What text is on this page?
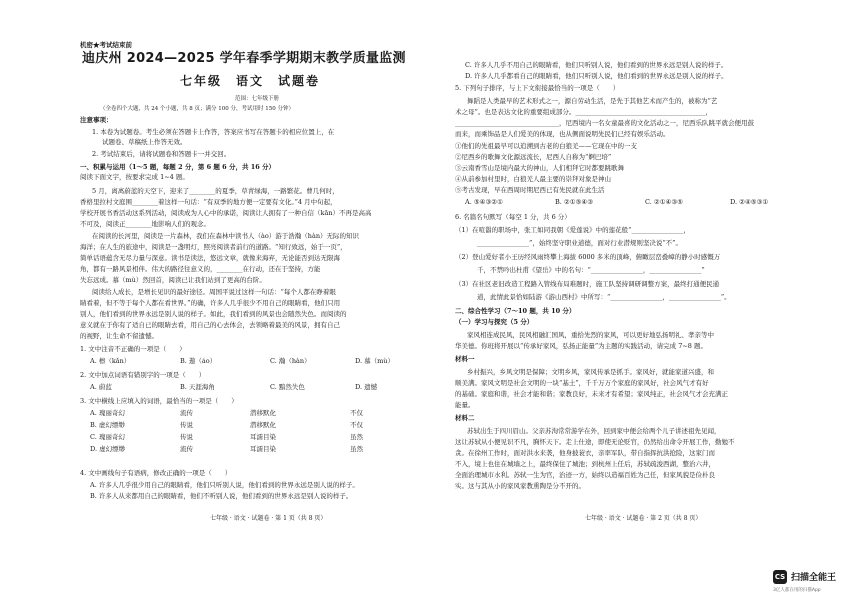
机密★考试结束前
迪庆州 2024—2025 学年春季学期期末教学质量监测
七年级　语文　试题卷
范围：七年级下册
（全卷四个大题，共 24 个小题，共 8 页；满分 100 分，考试用时 150 分钟）
注意事项：
1. 本卷为试题卷。考生必须在答题卡上作答，答案应书写在答题卡的相应位置上，在
试题卷、草稿纸上作答无效。
2. 考试结束后，请将试题卷和答题卡一并交回。
一、积累与运用（1～5 题，每题 2 分，第 6 题 6 分，共 16 分）
阅读下面文字，按要求完成 1~4 题。
5 月，离离蔚蓝的天空下，迎来了________的夏季，草青绿海，一路繁花。曹几何时，
香格里拉村文庭围________着这样一句话：“有双季的地方便一定要有文化。”4 月中旬起，
学校开展书香活动这系列活动，阅读成为人心中的承诺，阅读让人拥有了一种自信（kān）不再是高高
不可及，阅读正________地影响人们的观念。
在阅读的长河里，阅读是一片森林，我们在森林中读书人（ào）游于浩瀚（hàn）无际的知识
海洋；在人生的旅途中，阅读是一盏明灯，照亮阅读者前行的道路。“知行致远，始于一页”，
简单话语蕴含无尽力量与深意。读书是读法，悠远文章，就像来海弃，无论能否到达无限海
角，都有一路风景相伴。伟大的路径往意义的，________在行动，还在于坚持，方能
失忘远成。慕（mù）然回首，阅读已让我们站到了更高的台阶。
阅读给人成长，是增长见识的最好途径。周国平说过这样一句话：“每个人都在睁着眼
睛看着，但不等于每个人都在看世界。”的确，许多人几乎很少不用自己的眼睛看，他们只用
别人，他们看到的世界永远是别人说的样子。如此，我们看到的风景也会随然失色。而阅读的
意义就在于你有了适自已的眼睛去看，用自己的心去体会，去领略着最美的风景，拥有自己
的视野，让生命不留遗憾。
1. 文中注音不正确的一项是（　　）
A. 檫（kǎn）	B. 遨（áo）	C. 瀚（hàn）	D. 慕（mù）
2. 文中加点词语有错别字的一项是（　　）
A. 蔚蓝	B. 天涯海角	C. 黯然失色	D. 遗憾
3. 文中横线上应填入的词语，最恰当的一项是（　　）
A. 瑰丽奇幻	流传	潜移默化	不仅
B. 虚幻缥缈	传说	潜移默化	不仅
C. 瑰丽奇幻	传说	耳濡目染	虽然
D. 虚幻缥缈	流传	耳濡目染	虽然
4. 文中画线句子有语病，修改正确的一项是（　　）
A. 许多人几乎很少用自己的眼睛看，他们只听别人说，他们看到的世界永远是别人说的样子。
B. 许多人从来都用自己的眼睛看，他们不听别人说，他们看到的世界永远是别人说的样子。
七年级 · 语文 · 试题卷 · 第 1 页（共 8 页）
C. 许多人几乎不用自己的眼睛看，他们只听别人说，他们看到的世界永远是别人说的样子。
D. 许多人几乎都看自己的眼睛看，他们只听别人说，他们看到的世界永远是别人说的样子。
5. 下列句子排序，与上下文衔接最恰当的一项是（　　）
舞蹈是人类最早的艺术形式之一，源自劳动生活，是先于其他艺术而产生的，被称为“艺
术之母”。也是表达文化的重要组成部分。________________________________________，
________________________________，尼西境内一名女童最喜的文化活动之一，尼西乐队跳平就会便用鼓
而来，而乘饰品是人们爱美的体现，也从侧面说明先民们已经有娱乐活动。
①他们的先祖最早可以追溯到古老的白狼羌——它现在中的一支
②尼西乡的歌舞文化源远流长，尼西人自称为“婀巴培”
③云南香雪山是境内最大的神山，人们相拜它时都要跳歌舞
④从前参加村里时，白狼羌人最主要的崇拜对象是神山
⑤考古发现，早在西周时期尼西已有先民就在此生活
A. ⑤④③②①	B. ②①⑤④③	C. ②①④③⑤	D. ②④⑤③①
6. 名篇名句默写（每空 1 分，共 6 分）
（1）在喧嚣的职场中，张工如同我朝《爱莲说》中的莲花般“________________，
________________”，始终坚守职业道德，面对行业潜规则坚决说“不”。
（2）登山爱好者小王历经风雨终攀上海拔 6000 多米的顶峰，俯瞰层峦叠嶂的静小时感慨万
千，不禁吟出杜甫《望岳》中的名句：“________________，________________”
（3）在社区老旧改造工程路入管线布局难题时，施工队坚持调研调整方案，最终打通便民通
道，此情此景恰如陆游《游山西村》中所写：“________________，________________”。
二、综合性学习（7～10 题，共 10 分）
（一）学习与探究（5 分）
家风相连成民风，民风相融汇国风，重拾先烈的家风，可以更好地弘扬明礼、孝亲等中
华美德。你班将开展以“传承好家风，弘扬正能量”为主题的实践活动，请完成 7~8 题。
材料一
乡村振兴，乡风文明是保障；文明乡风，家风传承是抓手。家风好，就能家道兴盛，和
顺美满。家风文明是社会文明的一块“基土”，千千万万个家庭的家风好，社会风气才有好
的基础。家庭和谐，社会才能和谐；家教良好，未来才有希望；家风纯正，社会风气才会充满正
能量。
材料二
苏轼出生于四川眉山。父亲苏洵常常游学在外，回到家中便会给两个儿子讲述祖先见闻，
这让苏轼从小便见识不凡，胸怀天下。走上仕途，即使无论贬官，仍然给出命令开展工作，勤勉不
贪。在徐州工作时，面对洪水来袭，他身披蓑衣，亲率军队，带自指挥抗洪抢险，这家门而
不入，境上也住在城墙之上，最终保住了城池；到杭州上任后，苏轼疏浚西湖，整治六井，
全面治理城市水利。苏轼一生为官，治迹一方，始终以造福百姓为己任，但家风貌是俭朴良
实。这与其从小的家风家教熏陶是分不开的。
七年级 · 语文 · 试题卷 · 第 2 页（共 8 页）
CS 扫描全能王
3亿人都在用的扫描App
